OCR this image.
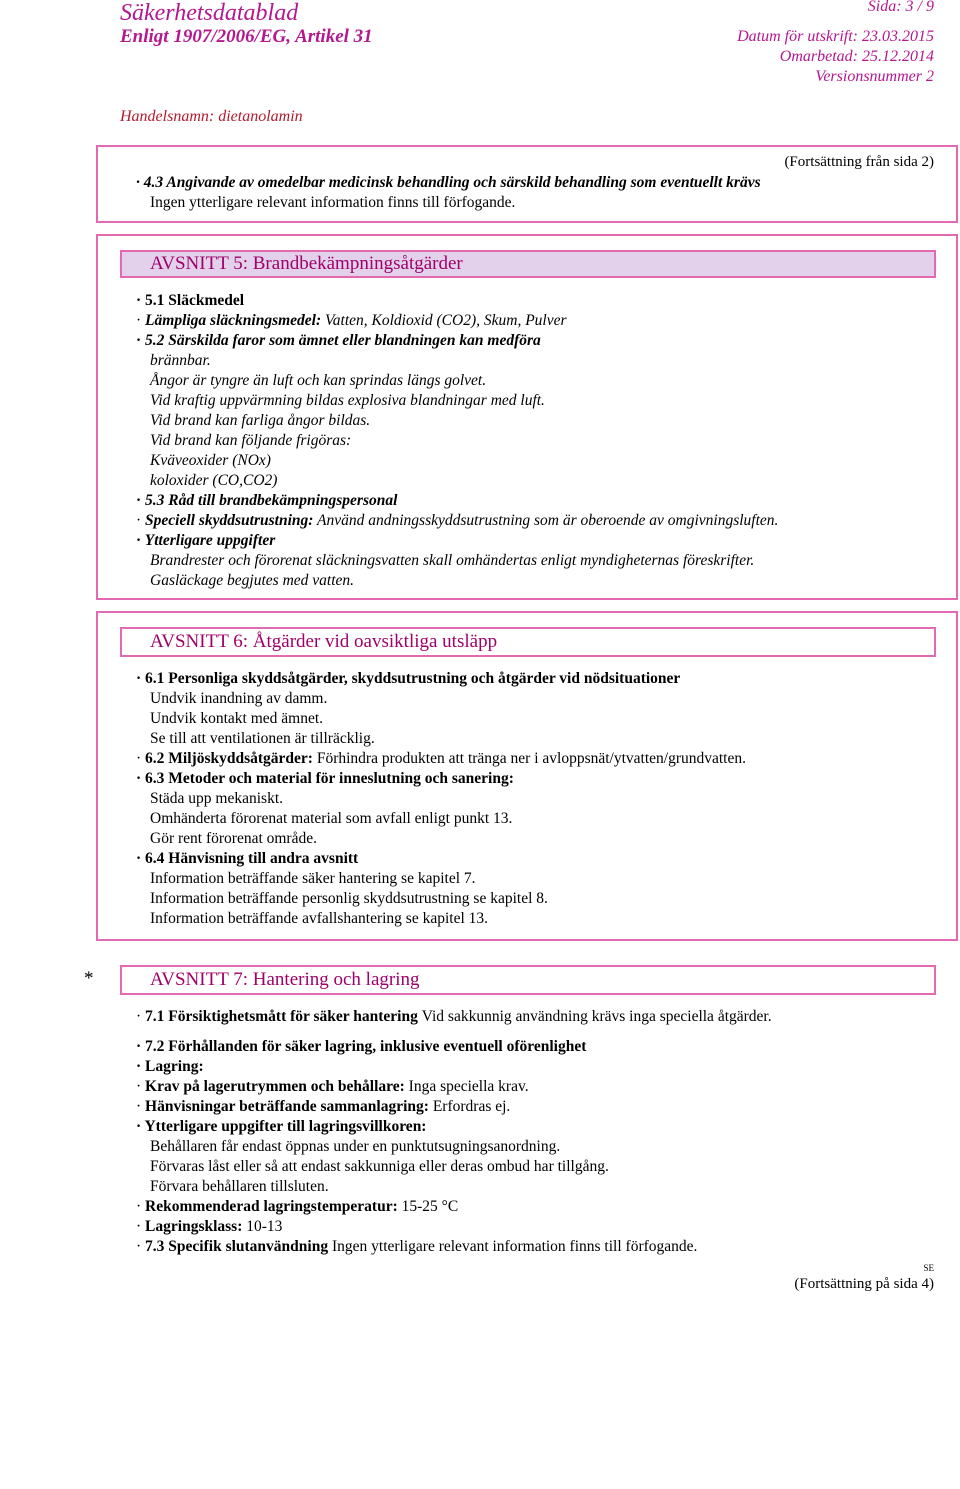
Säkerhetsdatablad
Enligt 1907/2006/EG, Artikel 31
Sida: 3 / 9
Datum för utskrift: 23.03.2015
Omarbetad: 25.12.2014
Versionsnummer 2
Handelsnamn: dietanolamin
(Fortsättning från sida 2)
· 4.3 Angivande av omedelbar medicinsk behandling och särskild behandling som eventuellt krävs
Ingen ytterligare relevant information finns till förfogande.
AVSNITT 5: Brandbekämpningsåtgärder
· 5.1 Släckmedel
· Lämpliga släckningsmedel: Vatten, Koldioxid (CO2), Skum, Pulver
· 5.2 Särskilda faror som ämnet eller blandningen kan medföra
brännbar.
Ångor är tyngre än luft och kan sprindas längs golvet.
Vid kraftig uppvärmning bildas explosiva blandningar med luft.
Vid brand kan farliga ångor bildas.
Vid brand kan följande frigöras:
Kväveoxider (NOx)
koloxider (CO,CO2)
· 5.3 Råd till brandbekämpningspersonal
· Speciell skyddsutrustning: Använd andningsskyddsutrustning som är oberoende av omgivningsluften.
· Ytterligare uppgifter
Brandrester och förorenat släckningsvatten skall omhändertas enligt myndigheternas föreskrifter.
Gasläckage begjutes med vatten.
AVSNITT 6: Åtgärder vid oavsiktliga utsläpp
· 6.1 Personliga skyddsåtgärder, skyddsutrustning och åtgärder vid nödsituationer
Undvik inandning av damm.
Undvik kontakt med ämnet.
Se till att ventilationen är tillräcklig.
· 6.2 Miljöskyddsåtgärder: Förhindra produkten att tränga ner i avloppsnät/ytvatten/grundvatten.
· 6.3 Metoder och material för inneslutning och sanering:
Städa upp mekaniskt.
Omhänderta förorenat material som avfall enligt punkt 13.
Gör rent förorenat område.
· 6.4 Hänvisning till andra avsnitt
Information beträffande säker hantering se kapitel 7.
Information beträffande personlig skyddsutrustning se kapitel 8.
Information beträffande avfallshantering se kapitel 13.
*	AVSNITT 7: Hantering och lagring
· 7.1 Försiktighetsmått för säker hantering Vid sakkunnig användning krävs inga speciella åtgärder.
· 7.2 Förhållanden för säker lagring, inklusive eventuell oförenlighet
· Lagring:
· Krav på lagerutrymmen och behållare: Inga speciella krav.
· Hänvisningar beträffande sammanlagring: Erfordras ej.
· Ytterligare uppgifter till lagringsvillkoren:
Behållaren får endast öppnas under en punktutsugningsanordning.
Förvaras låst eller så att endast sakkunniga eller deras ombud har tillgång.
Förvara behållaren tillsluten.
· Rekommenderad lagringstemperatur: 15-25 °C
· Lagringsklass: 10-13
· 7.3 Specifik slutanvändning Ingen ytterligare relevant information finns till förfogande.
SE
(Fortsättning på sida 4)
